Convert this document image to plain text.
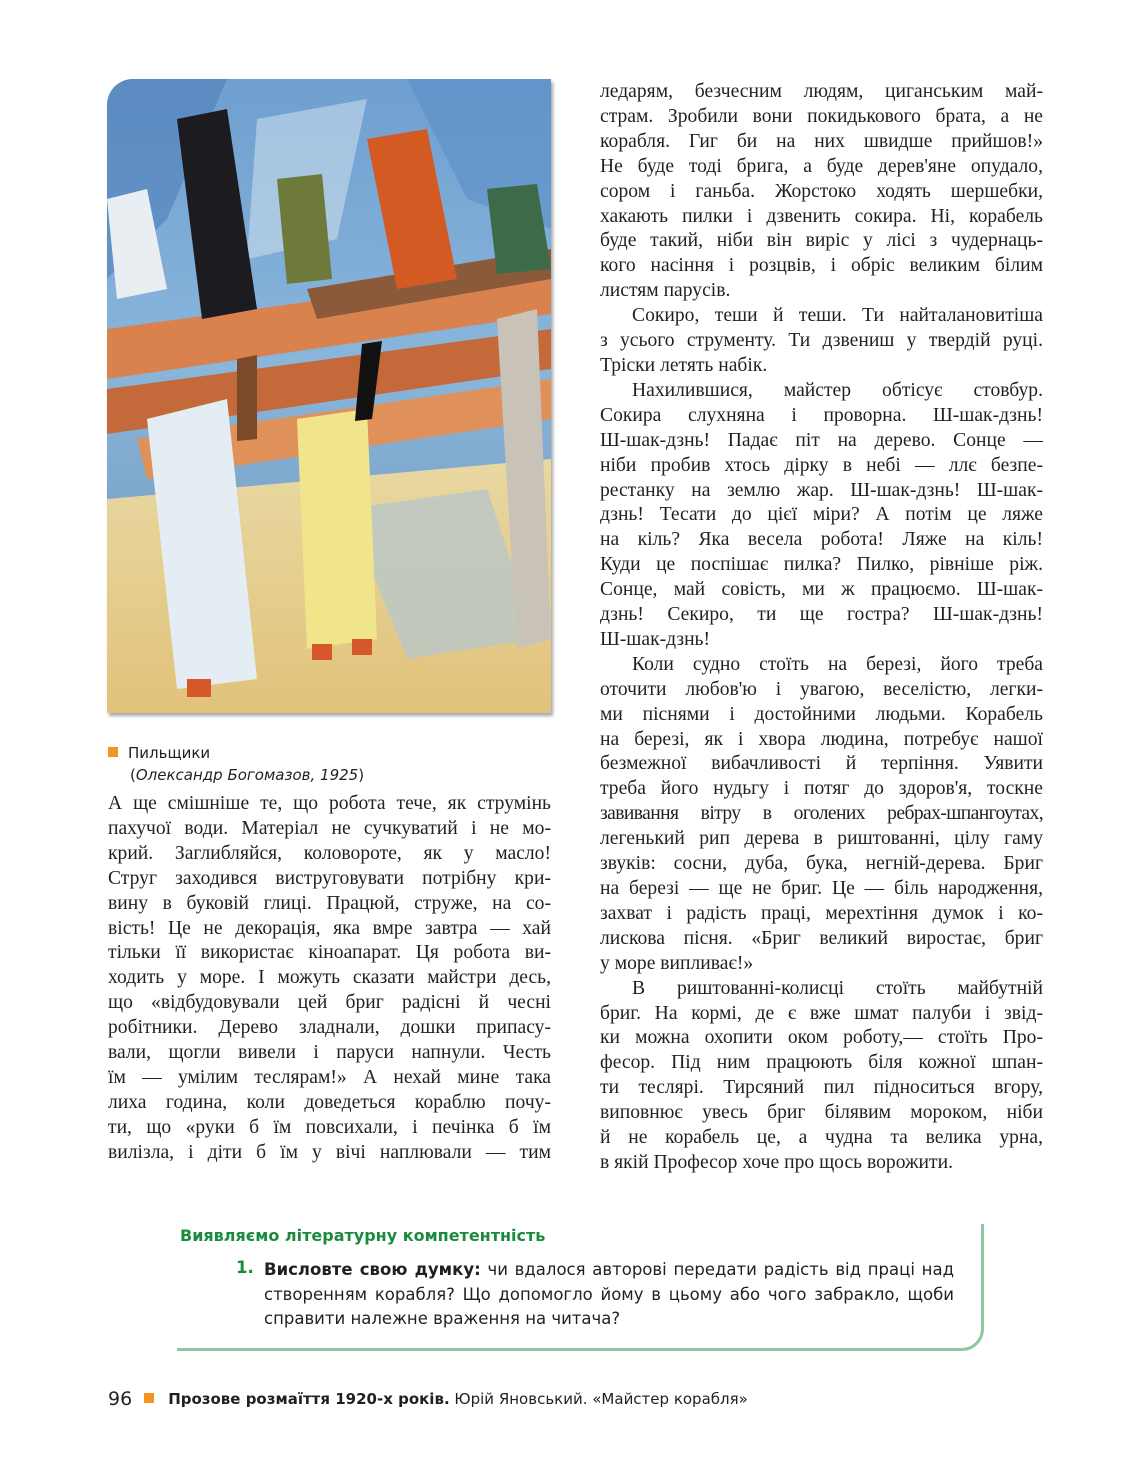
Пильщики
(Олександр Богомазов, 1925)

А ще смішніше те, що робота тече, як струмінь
пахучої води. Матеріал не сучкуватий і не мо-
крий. Заглибляйся, коловороте, як у масло!
Струг заходився виструговувати потрібну кри-
вину в буковій глиці. Працюй, струже, на со-
вість! Це не декорація, яка вмре завтра — хай
тільки її використає кіноапарат. Ця робота ви-
ходить у море. І можуть сказати майстри десь,
що «відбудовували цей бриг радісні й чесні
робітники. Дерево зладнали, дошки припасу-
вали, щогли вивели і паруси напнули. Честь
їм — умілим теслярам!» А нехай мине така
лиха година, коли доведеться кораблю почу-
ти, що «руки б їм повсихали, і печінка б їм
вилізла, і діти б їм у вічі наплювали — тим

ледарям, безчесним людям, циганським май-
страм. Зробили вони покидькового брата, а не
корабля. Гиг би на них швидше прийшов!»
Не буде тоді брига, а буде дерев'яне опудало,
сором і ганьба. Жорстоко ходять шершебки,
хакають пилки і дзвенить сокира. Ні, корабель
буде такий, ніби він виріс у лісі з чудернаць-
кого насіння і розцвів, і обріс великим білим
листям парусів.

Сокиро, теши й теши. Ти найталановитіша
з усього струменту. Ти дзвениш у твердій руці.
Тріски летять набік.

Нахилившися, майстер обтісує стовбур.
Сокира слухняна і проворна. Ш-шак-дзнь!
Ш-шак-дзнь! Падає піт на дерево. Сонце —
ніби пробив хтось дірку в небі — ллє безпе-
рестанку на землю жар. Ш-шак-дзнь! Ш-шак-
дзнь! Тесати до цієї міри? А потім це ляже
на кіль? Яка весела робота! Ляже на кіль!
Куди це поспішає пилка? Пилко, рівніше ріж.
Сонце, май совість, ми ж працюємо. Ш-шак-
дзнь! Секиро, ти ще гостра? Ш-шак-дзнь!
Ш-шак-дзнь!

Коли судно стоїть на березі, його треба
оточити любов'ю і увагою, веселістю, легки-
ми піснями і достойними людьми. Корабель
на березі, як і хвора людина, потребує нашої
безмежної вибачливості й терпіння. Уявити
треба його нудьгу і потяг до здоров'я, тоскне
завивання вітру в оголених ребрах-шпангоутах,
легенький рип дерева в риштованні, цілу гаму
звуків: сосни, дуба, бука, негній-дерева. Бриг
на березі — ще не бриг. Це — біль народження,
захват і радість праці, мерехтіння думок і ко-
лискова пісня. «Бриг великий виростає, бриг
у море випливає!»

В риштованні-колисці стоїть майбутній
бриг. На кормі, де є вже шмат палуби і звід-
ки можна охопити оком роботу,— стоїть Про-
фесор. Під ним працюють біля кожної шпан-
ти теслярі. Тирсяний пил підноситься вгору,
виповнює увесь бриг білявим мороком, ніби
й не корабель це, а чудна та велика урна,
в якій Професор хоче про щось ворожити.

Виявляємо літературну компетентність
1. Висловте свою думку: чи вдалося авторові передати радість від праці над
створенням корабля? Що допомогло йому в цьому або чого забракло, щоби
справити належне враження на читача?
96 Прозове розмаїття 1920-х років. Юрій Яновський. «Майстер корабля»
